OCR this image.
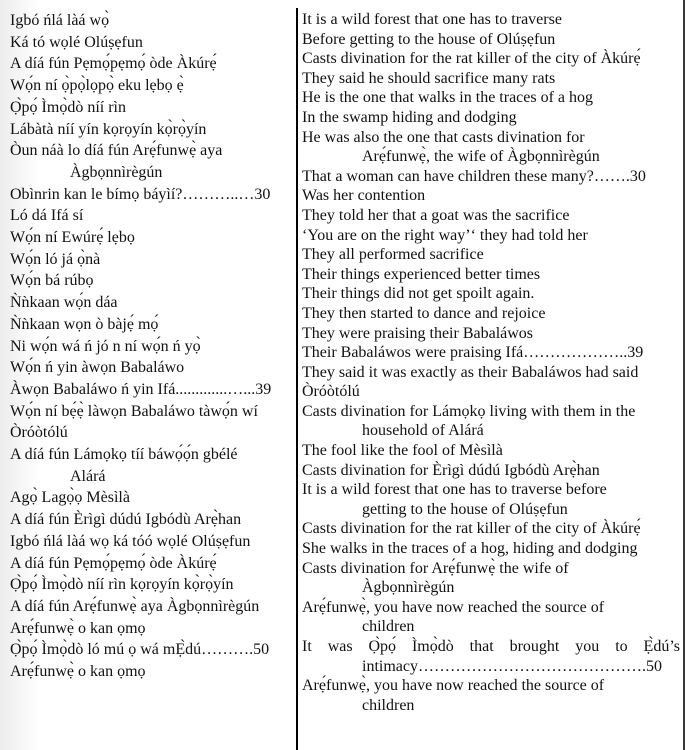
Igbó ńlá làá wọ̀
Ká tó wọlé Olúṣẹfun
A díá fún Pẹmọ́pẹmọ́ òde Àkúrẹ́
Wọ́n ní ọ̀pọ̀lọpọ̀ eku lẹbọ ẹ̀
Ọ̀pọ́ Ìmọ̀dò níí rìn
Lábàtà níí yín kọrọyín kọ̀rọ̀yín
Òun náà lo díá fún Arẹ́funwẹ̀ aya
Àgbọnnìrègún
Obìnrin kan le bímọ báyìí?………..…30
Ló dá Ifá sí
Wọ́n ní Ewúrẹ́ lẹbọ
Wọ́n ló já ọ̀nà
Wọ́n bá rúbọ
Ǹǹkaan wọ́n dáa
Ǹǹkaan wọn ò bàjẹ́ mọ́
Ni wọ́n wá ń jó n ní wọ́n ń yọ̀
Wọ́n ń yin àwọn Babaláwo
Àwọn Babaláwo ń yin Ifá.............…...39
Wọ́n ní bẹ́ẹ̀ làwọn Babaláwo tàwọ́n wí
Òróòtólú
A díá fún Lámọkọ tíí báwọ́ọ́n gbélé
Alárá
Agọ̀ Lagọ̀ọ Mèsìlà
A díá fún Èrìgì dúdú Igbódù Arẹ̀han
Igbó ńlá làá wọ ká tóó wọlé Olúṣẹfun
A díá fún Pẹmọ́pẹmọ́ òde Àkúrẹ́
Ọ̀pọ́ Ìmọ̀dò níí rìn kọrọyín kọ̀rọ̀yín
A díá fún Arẹ́funwẹ̀ aya Àgbọnnìrègún
Arẹ́funwẹ̀ o kan ọmọ
Ọ̀pọ́ Ìmọ̀dò ló mú ọ wá mẸ̀dú……….50
Arẹ́funwẹ̀ o kan ọmọ
It is a wild forest that one has to traverse
Before getting to the house of Olúṣẹfun
Casts divination for the rat killer of the city of Àkúrẹ́
They said he should sacrifice many rats
He is the one that walks in the traces of a hog
In the swamp hiding and dodging
He was also the one that casts divination for
Arẹ́funwẹ̀, the wife of Àgbọnnìrègún
That a woman can have children these many?…….30
Was her contention
They told her that a goat was the sacrifice
‘You are on the right way’‘ they had told her
They all performed sacrifice
Their things experienced better times
Their things did not get spoilt again.
They then started to dance and rejoice
They were praising their Babaláwos
Their Babaláwos were praising Ifá………………..39
They said it was exactly as their Babaláwos had said
Òróòtólú
Casts divination for Lámọkọ living with them in the
household of Alárá
The fool like the fool of Mèsìlà
Casts divination for Èrìgì dúdú Igbódù Arẹ̀han
It is a wild forest that one has to traverse before
getting to the house of Olúṣẹfun
Casts divination for the rat killer of the city of Àkúrẹ́
She walks in the traces of a hog, hiding and dodging
Casts divination for Arẹ́funwẹ̀ the wife of
Àgbọnnìrègún
Arẹ́funwẹ̀, you have now reached the source of
children
It was Ọ̀pọ́ Ìmọ̀dò that brought you to Ẹ̀dú’s
intimacy…………………………………….50
Arẹ́funwẹ̀, you have now reached the source of
children
